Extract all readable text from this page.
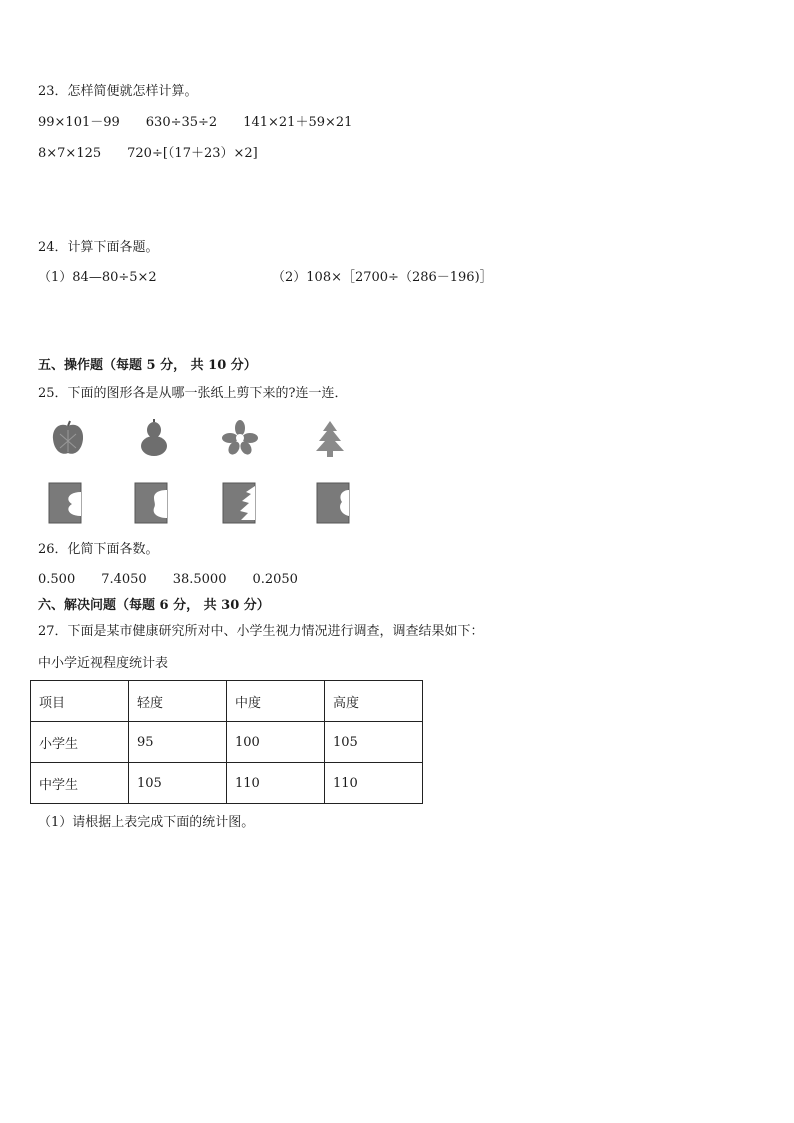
23．怎样简便就怎样计算。
99×101－99　　630÷35÷2　　141×21＋59×21
8×7×125　　720÷[（17＋23）×2]
24．计算下面各题。
（1）84—80÷5×2	（2）108×［2700÷（286－196)］
五、操作题（每题 5 分， 共 10 分）
25．下面的图形各是从哪一张纸上剪下来的?连一连．
26．化简下面各数。
0.500　　7.4050　　38.5000　　0.2050
六、解决问题（每题 6 分， 共 30 分）
27．下面是某市健康研究所对中、小学生视力情况进行调查，调查结果如下：
中小学近视程度统计表
项目	轻度	中度	高度
小学生	95	100	105
中学生	105	110	110
（1）请根据上表完成下面的统计图。
